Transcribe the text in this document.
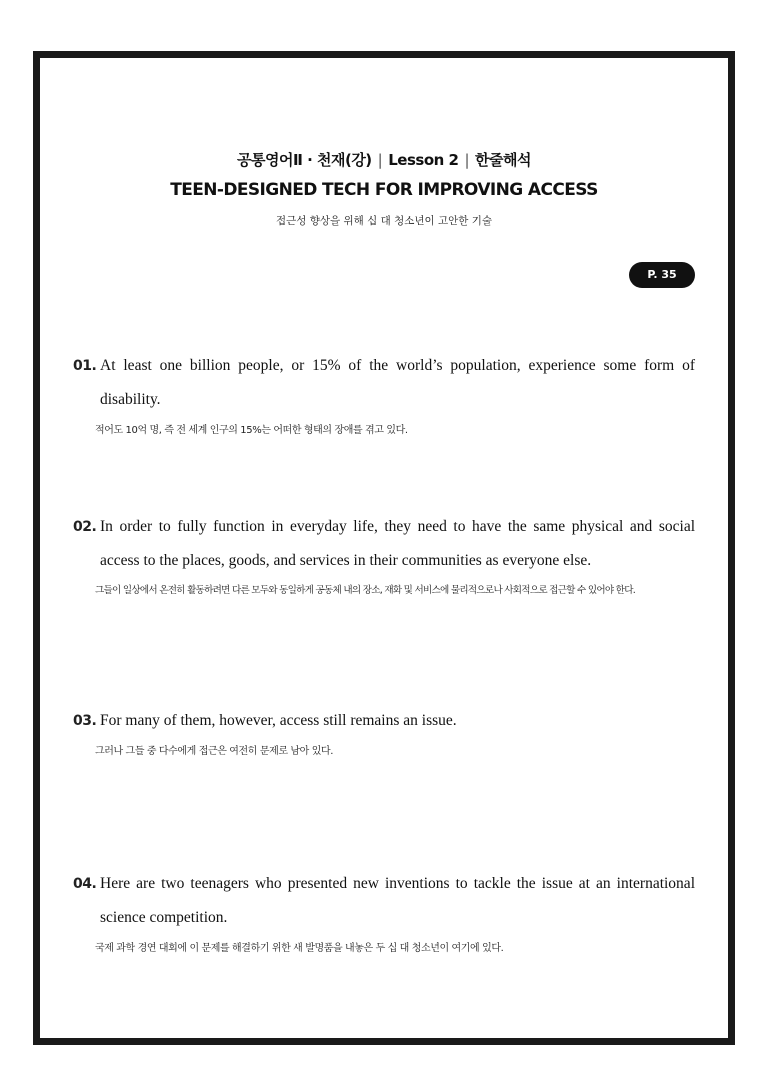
공통영어Ⅱ · 천재(강) | Lesson 2 | 한줄해석
TEEN-DESIGNED TECH FOR IMPROVING ACCESS
접근성 향상을 위해 십 대 청소년이 고안한 기술
P. 35
01. At least one billion people, or 15% of the world’s population, experience some form of disability.
적어도 10억 명, 즉 전 세계 인구의 15%는 어떠한 형태의 장애를 겪고 있다.
02. In order to fully function in everyday life, they need to have the same physical and social access to the places, goods, and services in their communities as everyone else.
그들이 일상에서 온전히 활동하려면 다른 모두와 동일하게 공동체 내의 장소, 재화 및 서비스에 물리적으로나 사회적으로 접근할 수 있어야 한다.
03. For many of them, however, access still remains an issue.
그러나 그들 중 다수에게 접근은 여전히 문제로 남아 있다.
04. Here are two teenagers who presented new inventions to tackle the issue at an international science competition.
국제 과학 경연 대회에 이 문제를 해결하기 위한 새 발명품을 내놓은 두 십 대 청소년이 여기에 있다.
